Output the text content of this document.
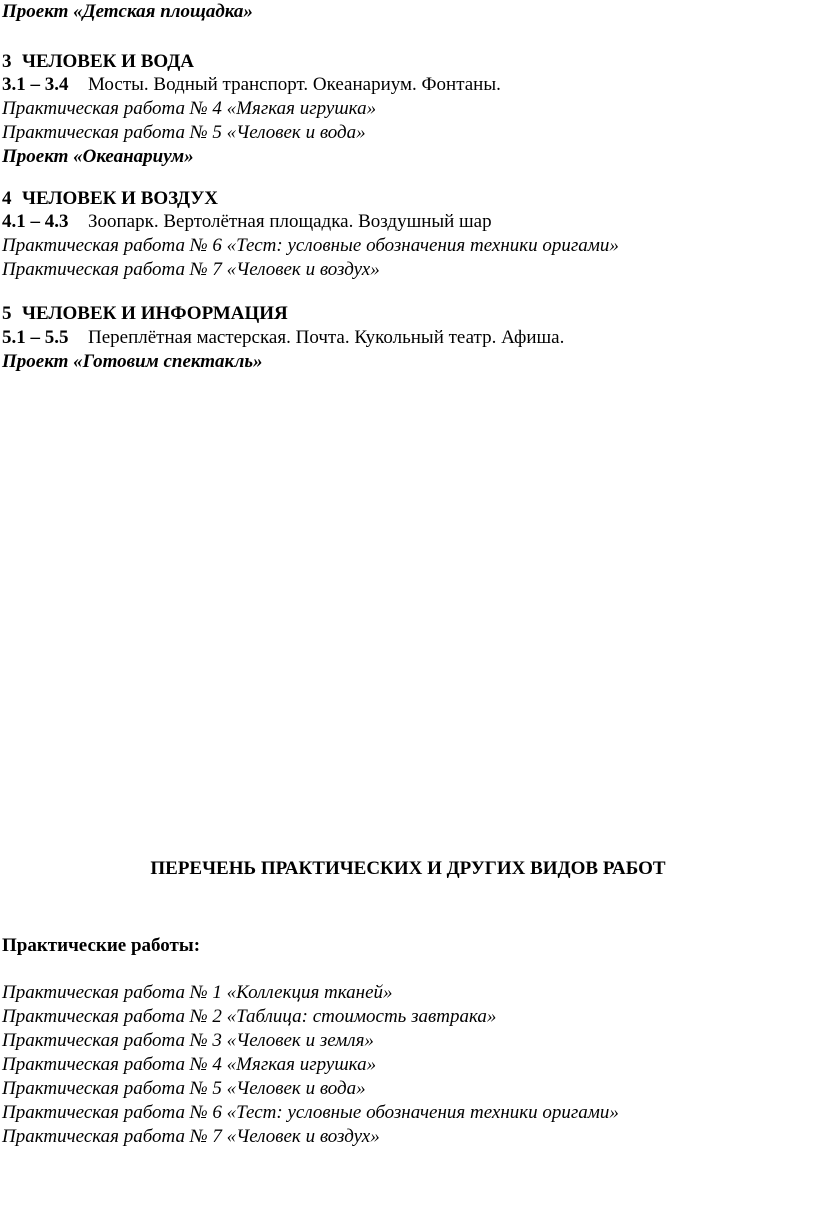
Проект «Детская площадка»
3 ЧЕЛОВЕК И ВОДА
3.1 – 3.4 Мосты. Водный транспорт. Океанариум. Фонтаны.
Практическая работа № 4 «Мягкая игрушка»
Практическая работа № 5 «Человек и вода»
Проект «Океанариум»
4 ЧЕЛОВЕК И ВОЗДУХ
4.1 – 4.3 Зоопарк. Вертолётная площадка. Воздушный шар
Практическая работа № 6 «Тест: условные обозначения техники оригами»
Практическая работа № 7 «Человек и воздух»
5 ЧЕЛОВЕК И ИНФОРМАЦИЯ
5.1 – 5.5 Переплётная мастерская. Почта. Кукольный театр. Афиша.
Проект «Готовим спектакль»
ПЕРЕЧЕНЬ ПРАКТИЧЕСКИХ И ДРУГИХ ВИДОВ РАБОТ
Практические работы:
Практическая работа № 1 «Коллекция тканей»
Практическая работа № 2 «Таблица: стоимость завтрака»
Практическая работа № 3 «Человек и земля»
Практическая работа № 4 «Мягкая игрушка»
Практическая работа № 5 «Человек и вода»
Практическая работа № 6 «Тест: условные обозначения техники оригами»
Практическая работа № 7 «Человек и воздух»
